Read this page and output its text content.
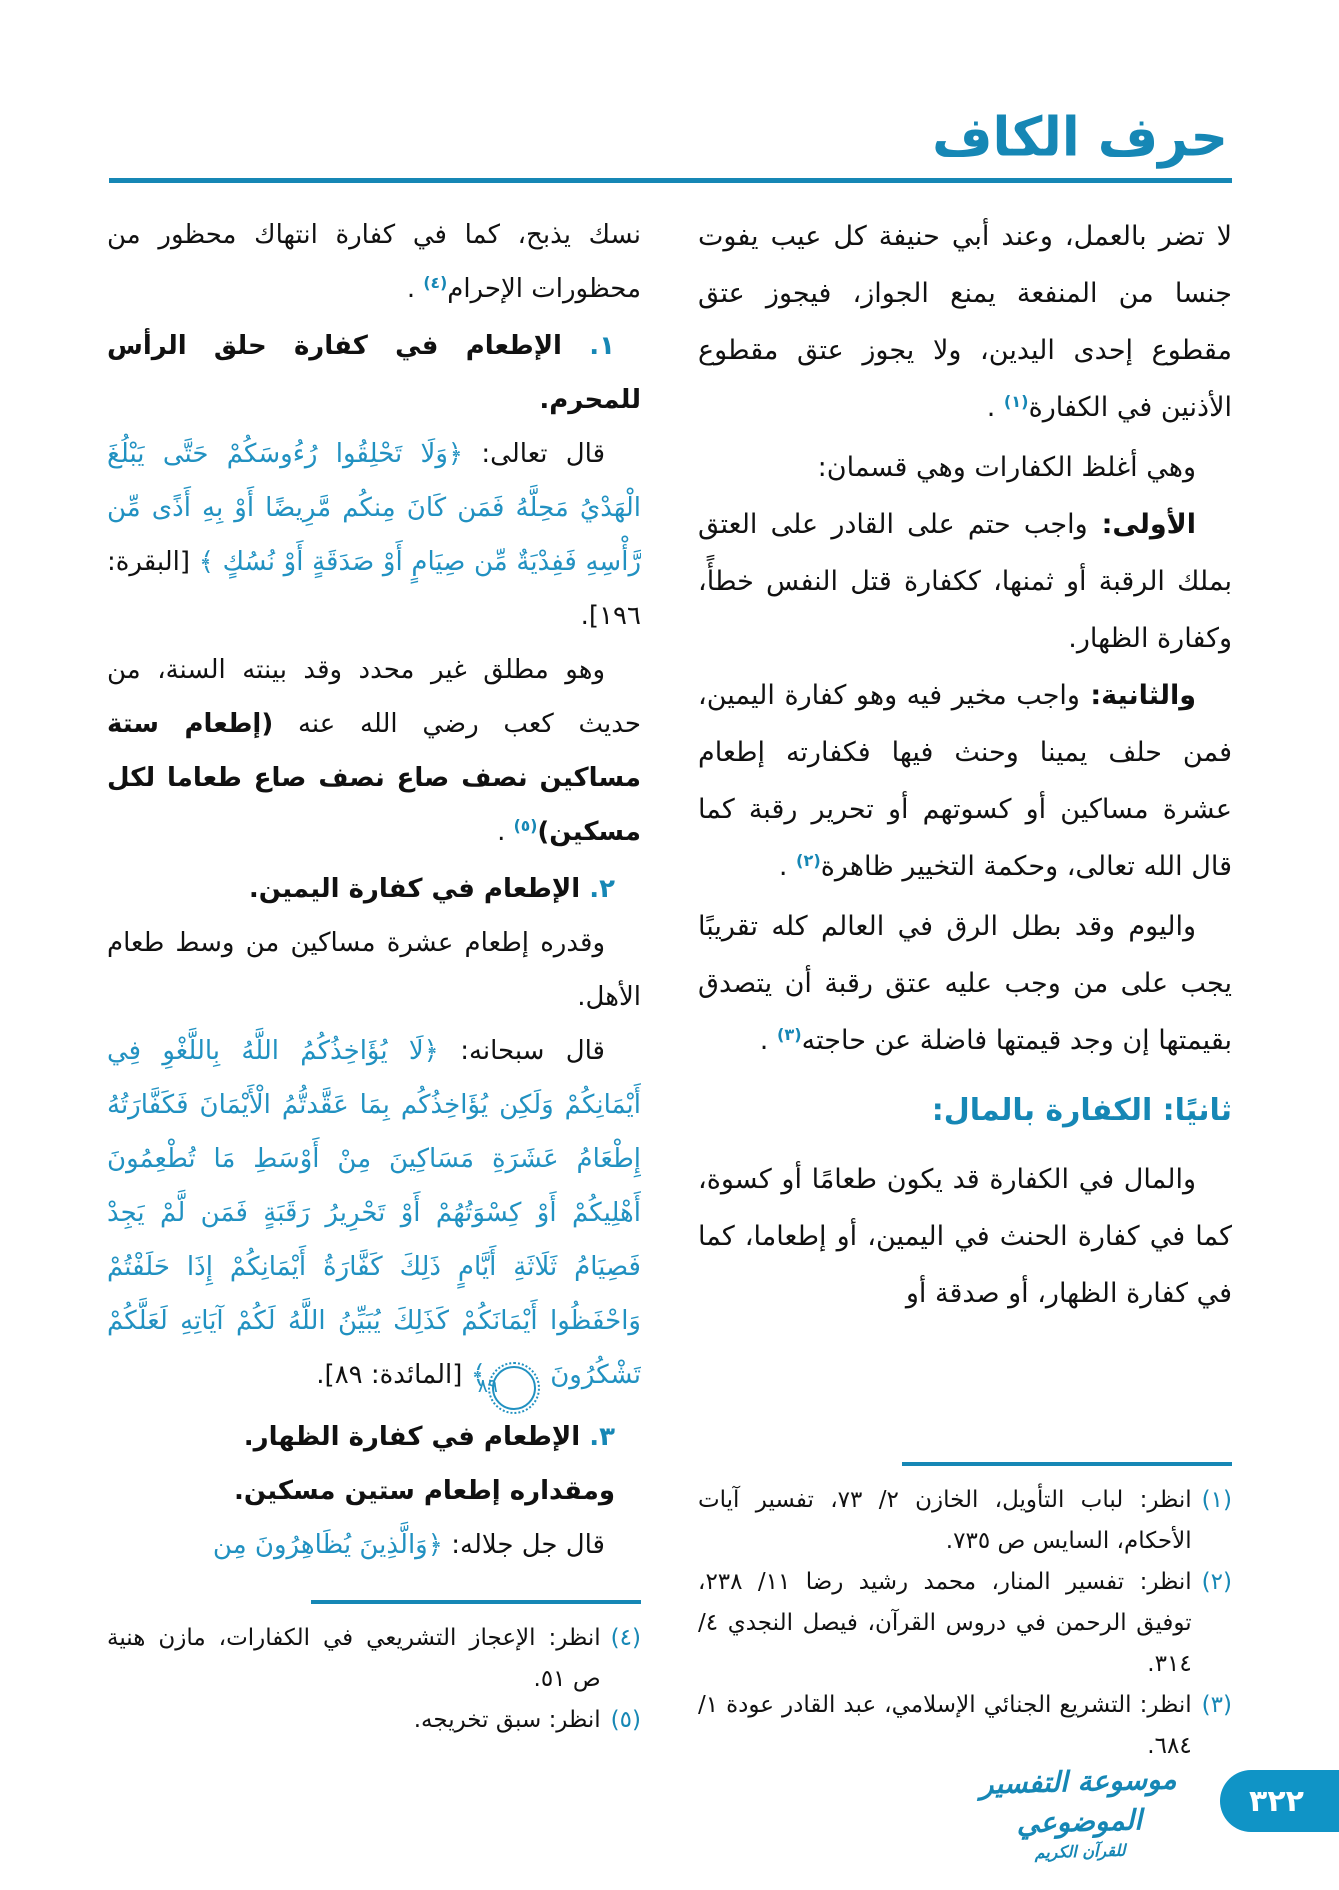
حرف الكاف
لا تضر بالعمل، وعند أبي حنيفة كل عيب يفوت جنسا من المنفعة يمنع الجواز، فيجوز عتق مقطوع إحدى اليدين، ولا يجوز عتق مقطوع الأذنين في الكفارة$^{(١)}$ .
وهي أغلظ الكفارات وهي قسمان:
الأولى: واجب حتم على القادر على العتق بملك الرقبة أو ثمنها، ككفارة قتل النفس خطأً، وكفارة الظهار.
والثانية: واجب مخير فيه وهو كفارة اليمين، فمن حلف يمينا وحنث فيها فكفارته إطعام عشرة مساكين أو كسوتهم أو تحرير رقبة كما قال الله تعالى، وحكمة التخيير ظاهرة$^{(٢)}$ .
واليوم وقد بطل الرق في العالم كله تقريبًا يجب على من وجب عليه عتق رقبة أن يتصدق بقيمتها إن وجد قيمتها فاضلة عن حاجته$^{(٣)}$ .
ثانيًا: الكفارة بالمال:
والمال في الكفارة قد يكون طعامًا أو كسوة، كما في كفارة الحنث في اليمين، أو إطعاما، كما في كفارة الظهار، أو صدقة أو
نسك يذبح، كما في كفارة انتهاك محظور من محظورات الإحرام$^{(٤)}$ .
١. الإطعام في كفارة حلق الرأس للمحرم.
قال تعالى: ﴿وَلَا تَحْلِقُوا رُءُوسَكُمْ حَتَّى يَبْلُغَ الْهَدْيُ مَحِلَّهُ فَمَن كَانَ مِنكُم مَّرِيضًا أَوْ بِهِ أَذًى مِّن رَّأْسِهِ فَفِدْيَةٌ مِّن صِيَامٍ أَوْ صَدَقَةٍ أَوْ نُسُكٍ ﴾ [البقرة: ١٩٦].
وهو مطلق غير محدد وقد بينته السنة، من حديث كعب رضي الله عنه (إطعام ستة مساكين نصف صاع نصف صاع طعاما لكل مسكين)$^{(٥)}$ .
٢. الإطعام في كفارة اليمين.
وقدره إطعام عشرة مساكين من وسط طعام الأهل.
قال سبحانه: ﴿لَا يُؤَاخِذُكُمُ اللَّهُ بِاللَّغْوِ فِي أَيْمَانِكُمْ وَلَكِن يُؤَاخِذُكُم بِمَا عَقَّدتُّمُ الْأَيْمَانَ فَكَفَّارَتُهُ إِطْعَامُ عَشَرَةِ مَسَاكِينَ مِنْ أَوْسَطِ مَا تُطْعِمُونَ أَهْلِيكُمْ أَوْ كِسْوَتُهُمْ أَوْ تَحْرِيرُ رَقَبَةٍ فَمَن لَّمْ يَجِدْ فَصِيَامُ ثَلَاثَةِ أَيَّامٍ ذَلِكَ كَفَّارَةُ أَيْمَانِكُمْ إِذَا حَلَفْتُمْ وَاحْفَظُوا أَيْمَانَكُمْ كَذَلِكَ يُبَيِّنُ اللَّهُ لَكُمْ آيَاتِهِ لَعَلَّكُمْ تَشْكُرُونَ ٨٩﴾ [المائدة: ٨٩].
٣. الإطعام في كفارة الظهار.
ومقداره إطعام ستين مسكين.
قال جل جلاله: ﴿وَالَّذِينَ يُظَاهِرُونَ مِن
(١)
انظر: لباب التأويل، الخازن ٢/ ٧٣، تفسير آيات الأحكام، السايس ص ٧٣٥.
(٢)
انظر: تفسير المنار، محمد رشيد رضا ١١/ ٢٣٨، توفيق الرحمن في دروس القرآن، فيصل النجدي ٤/ ٣١٤.
(٣)
انظر: التشريع الجنائي الإسلامي، عبد القادر عودة ١/ ٦٨٤.
(٤)
انظر: الإعجاز التشريعي في الكفارات، مازن هنية ص ٥١.
(٥)
انظر: سبق تخريجه.
موسوعة التفسير الموضوعي
للقرآن الكريم
٣٢٢
